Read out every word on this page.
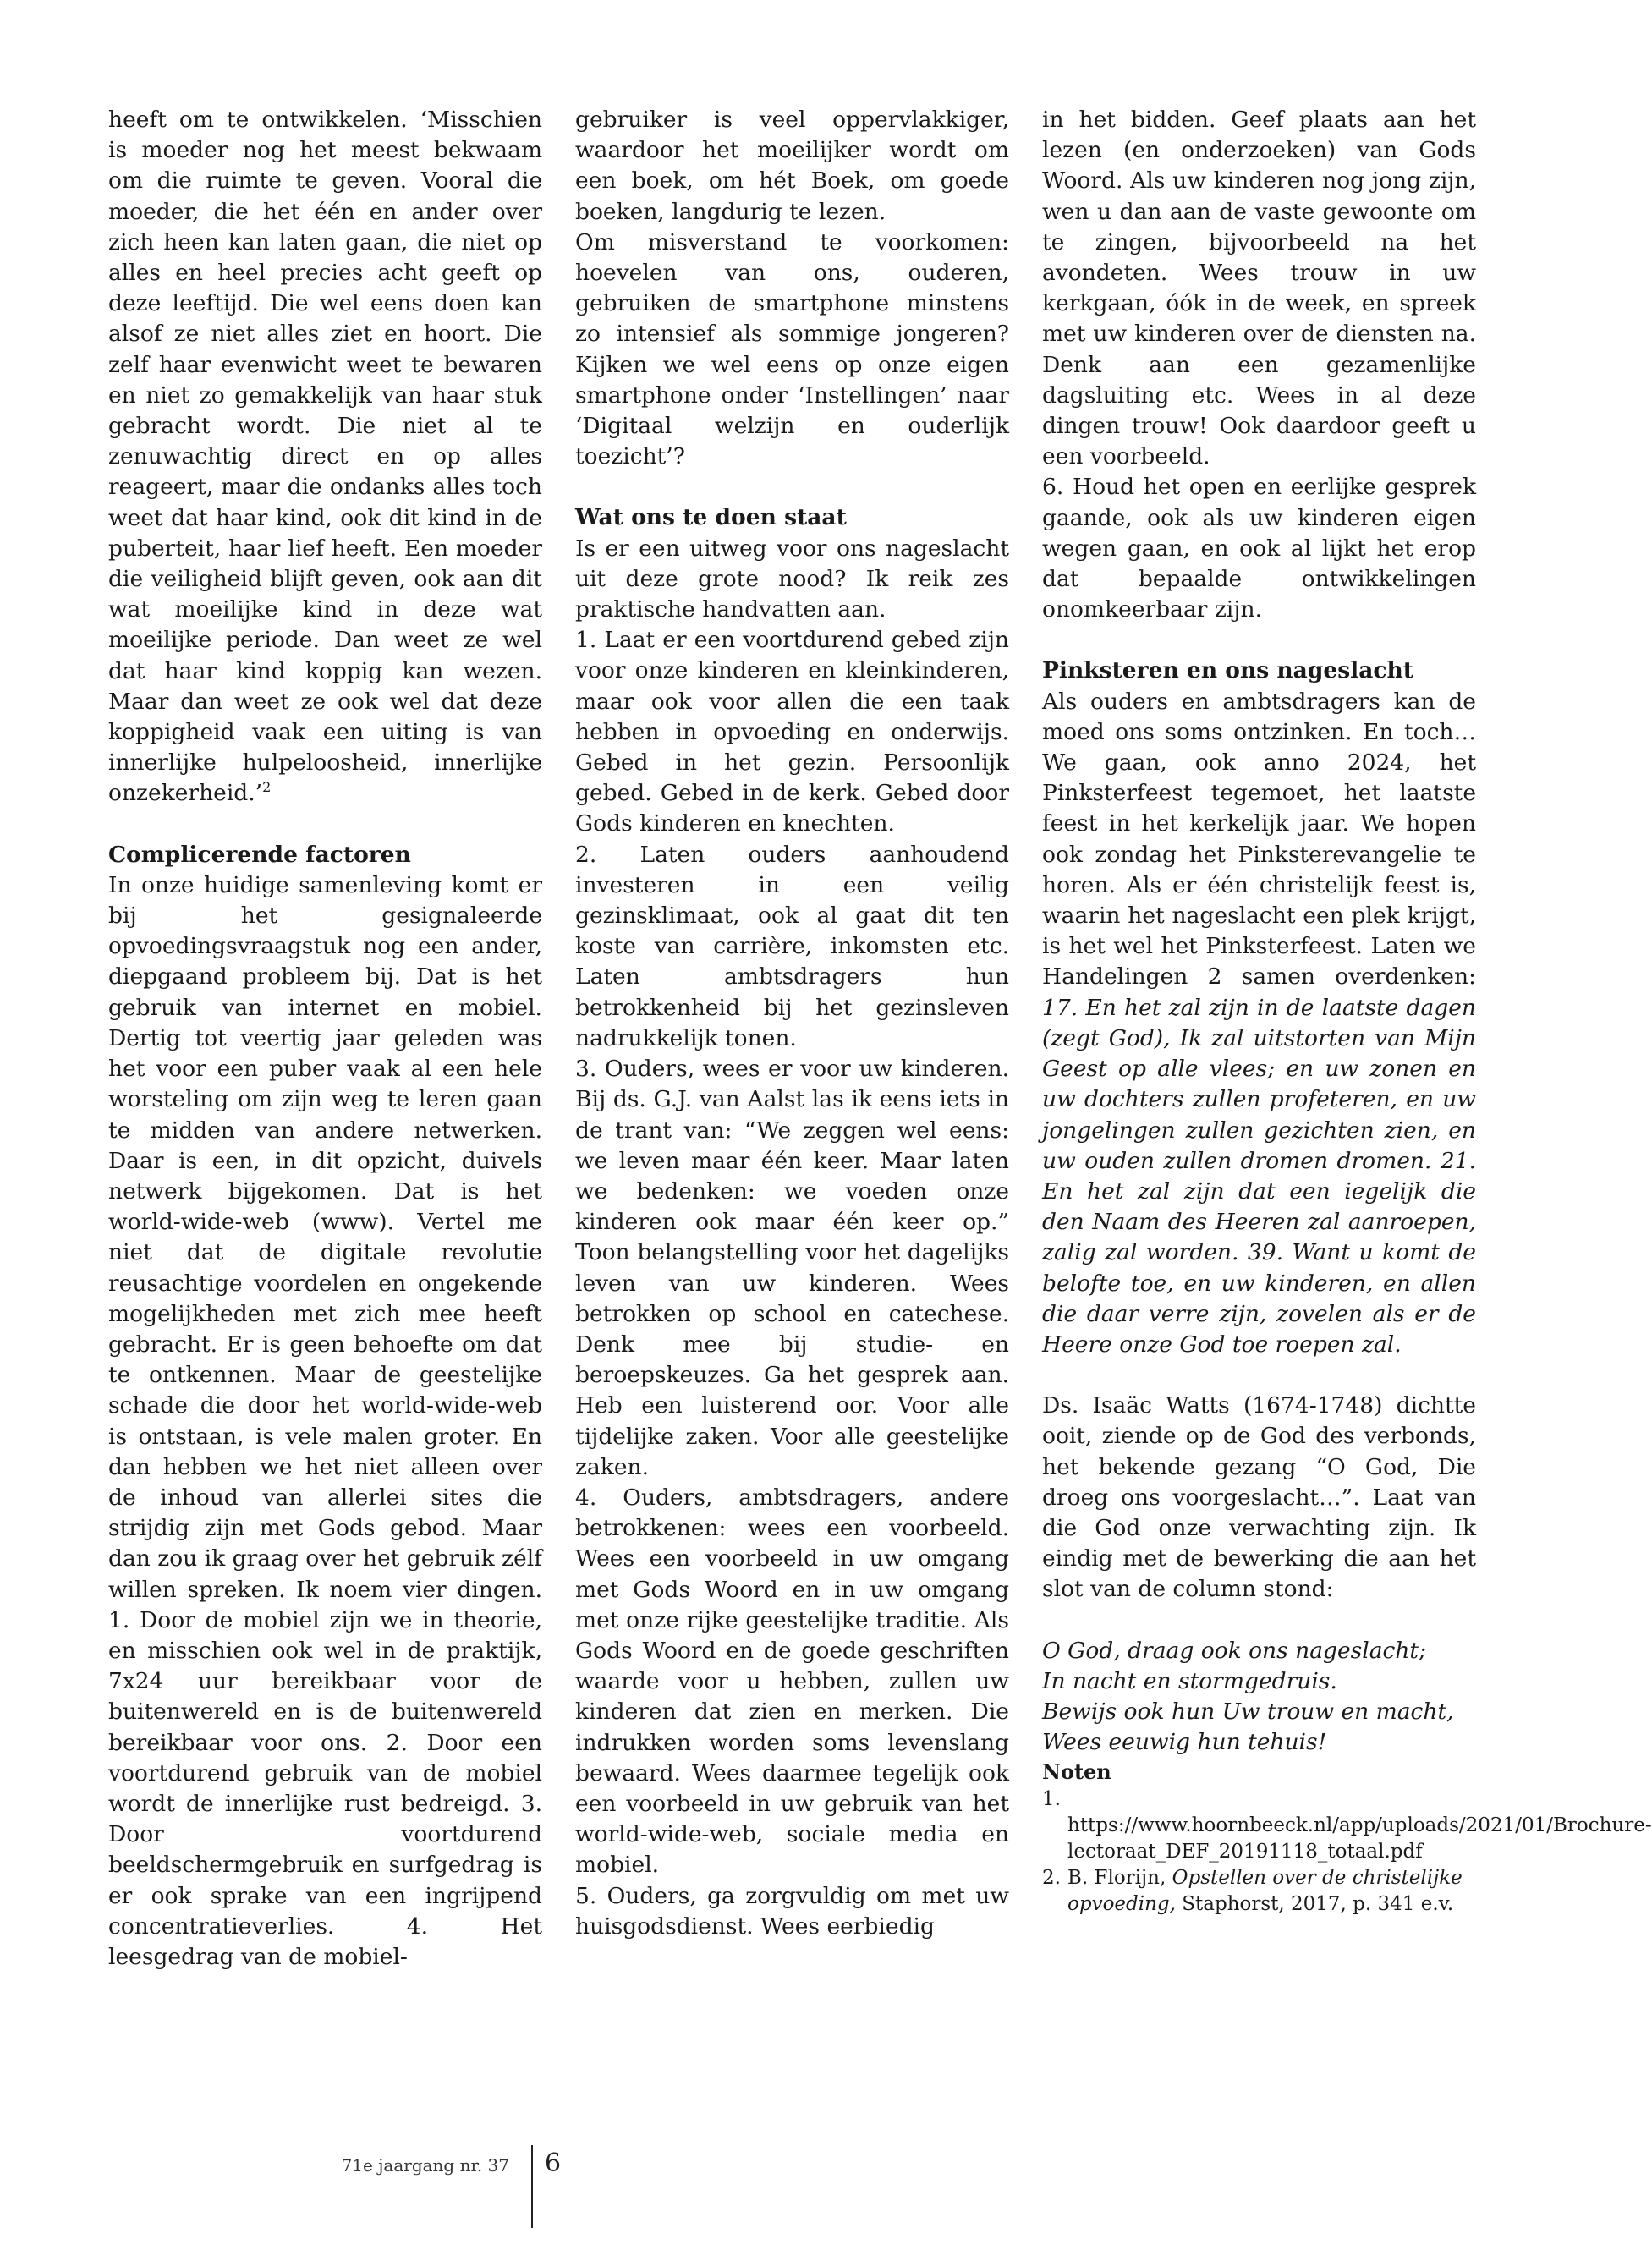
heeft om te ontwikkelen. ‘Misschien is moeder nog het meest bekwaam om die ruimte te geven. Vooral die moeder, die het één en ander over zich heen kan laten gaan, die niet op alles en heel precies acht geeft op deze leeftijd. Die wel eens doen kan alsof ze niet alles ziet en hoort. Die zelf haar evenwicht weet te bewaren en niet zo gemakkelijk van haar stuk gebracht wordt. Die niet al te zenuwachtig direct en op alles reageert, maar die ondanks alles toch weet dat haar kind, ook dit kind in de puberteit, haar lief heeft. Een moeder die veiligheid blijft geven, ook aan dit wat moeilijke kind in deze wat moeilijke periode. Dan weet ze wel dat haar kind koppig kan wezen. Maar dan weet ze ook wel dat deze koppigheid vaak een uiting is van innerlijke hulpeloosheid, innerlijke onzekerheid.’$^2$

Complicerende factoren

In onze huidige samenleving komt er bij het gesignaleerde opvoedingsvraagstuk nog een ander, diepgaand probleem bij. Dat is het gebruik van internet en mobiel. Dertig tot veertig jaar geleden was het voor een puber vaak al een hele worsteling om zijn weg te leren gaan te midden van andere netwerken. Daar is een, in dit opzicht, duivels netwerk bijgekomen. Dat is het world-wide-web (www). Vertel me niet dat de digitale revolutie reusachtige voordelen en ongekende mogelijkheden met zich mee heeft gebracht. Er is geen behoefte om dat te ontkennen. Maar de geestelijke schade die door het world-wide-web is ontstaan, is vele malen groter. En dan hebben we het niet alleen over de inhoud van allerlei sites die strijdig zijn met Gods gebod. Maar dan zou ik graag over het gebruik zélf willen spreken. Ik noem vier dingen. 1. Door de mobiel zijn we in theorie, en misschien ook wel in de praktijk, 7x24 uur bereikbaar voor de buitenwereld en is de buitenwereld bereikbaar voor ons. 2. Door een voortdurend gebruik van de mobiel wordt de innerlijke rust bedreigd. 3. Door voortdurend beeldschermgebruik en surfgedrag is er ook sprake van een ingrijpend concentratieverlies. 4. Het leesgedrag van de mobiel-

gebruiker is veel oppervlakkiger, waardoor het moeilijker wordt om een boek, om hét Boek, om goede boeken, langdurig te lezen.

Om misverstand te voorkomen: hoevelen van ons, ouderen, gebruiken de smartphone minstens zo intensief als sommige jongeren? Kijken we wel eens op onze eigen smartphone onder ‘Instellingen’ naar ‘Digitaal welzijn en ouderlijk toezicht’?

Wat ons te doen staat

Is er een uitweg voor ons nageslacht uit deze grote nood? Ik reik zes praktische handvatten aan.

1. Laat er een voortdurend gebed zijn voor onze kinderen en kleinkinderen, maar ook voor allen die een taak hebben in opvoeding en onderwijs. Gebed in het gezin. Persoonlijk gebed. Gebed in de kerk. Gebed door Gods kinderen en knechten.

2. Laten ouders aanhoudend investeren in een veilig gezinsklimaat, ook al gaat dit ten koste van carrière, inkomsten etc. Laten ambtsdragers hun betrokkenheid bij het gezinsleven nadrukkelijk tonen.

3. Ouders, wees er voor uw kinderen. Bij ds. G.J. van Aalst las ik eens iets in de trant van: “We zeggen wel eens: we leven maar één keer. Maar laten we bedenken: we voeden onze kinderen ook maar één keer op.” Toon belangstelling voor het dagelijks leven van uw kinderen. Wees betrokken op school en catechese. Denk mee bij studie- en beroepskeuzes. Ga het gesprek aan. Heb een luisterend oor. Voor alle tijdelijke zaken. Voor alle geestelijke zaken.

4. Ouders, ambtsdragers, andere betrokkenen: wees een voorbeeld. Wees een voorbeeld in uw omgang met Gods Woord en in uw omgang met onze rijke geestelijke traditie. Als Gods Woord en de goede geschriften waarde voor u hebben, zullen uw kinderen dat zien en merken. Die indrukken worden soms levenslang bewaard. Wees daarmee tegelijk ook een voorbeeld in uw gebruik van het world-wide-web, sociale media en mobiel.

5. Ouders, ga zorgvuldig om met uw huisgodsdienst. Wees eerbiedig

in het bidden. Geef plaats aan het lezen (en onderzoeken) van Gods Woord. Als uw kinderen nog jong zijn, wen u dan aan de vaste gewoonte om te zingen, bijvoorbeeld na het avondeten. Wees trouw in uw kerkgaan, óók in de week, en spreek met uw kinderen over de diensten na. Denk aan een gezamenlijke dagsluiting etc. Wees in al deze dingen trouw! Ook daardoor geeft u een voorbeeld.

6. Houd het open en eerlijke gesprek gaande, ook als uw kinderen eigen wegen gaan, en ook al lijkt het erop dat bepaalde ontwikkelingen onomkeerbaar zijn.

Pinksteren en ons nageslacht

Als ouders en ambtsdragers kan de moed ons soms ontzinken. En toch… We gaan, ook anno 2024, het Pinksterfeest tegemoet, het laatste feest in het kerkelijk jaar. We hopen ook zondag het Pinksterevangelie te horen. Als er één christelijk feest is, waarin het nageslacht een plek krijgt, is het wel het Pinksterfeest. Laten we Handelingen 2 samen overdenken: 17. En het zal zijn in de laatste dagen (zegt God), Ik zal uitstorten van Mijn Geest op alle vlees; en uw zonen en uw dochters zullen profeteren, en uw jongelingen zullen gezichten zien, en uw ouden zullen dromen dromen. 21. En het zal zijn dat een iegelijk die den Naam des Heeren zal aanroepen, zalig zal worden. 39. Want u komt de belofte toe, en uw kinderen, en allen die daar verre zijn, zovelen als er de Heere onze God toe roepen zal.

Ds. Isaäc Watts (1674-1748) dichtte ooit, ziende op de God des verbonds, het bekende gezang “O God, Die droeg ons voorgeslacht…”. Laat van die God onze verwachting zijn. Ik eindig met de bewerking die aan het slot van de column stond:

O God, draag ook ons nageslacht;
In nacht en stormgedruis.
Bewijs ook hun Uw trouw en macht,
Wees eeuwig hun tehuis!

Noten

1.https://www.hoornbeeck.nl/app/uploads/2021/01/Brochure-lectoraat_DEF_20191118_totaal.pdf

2. B. Florijn, Opstellen over de christelijke opvoeding, Staphorst, 2017, p. 341 e.v.

71e jaargang nr. 37 6
